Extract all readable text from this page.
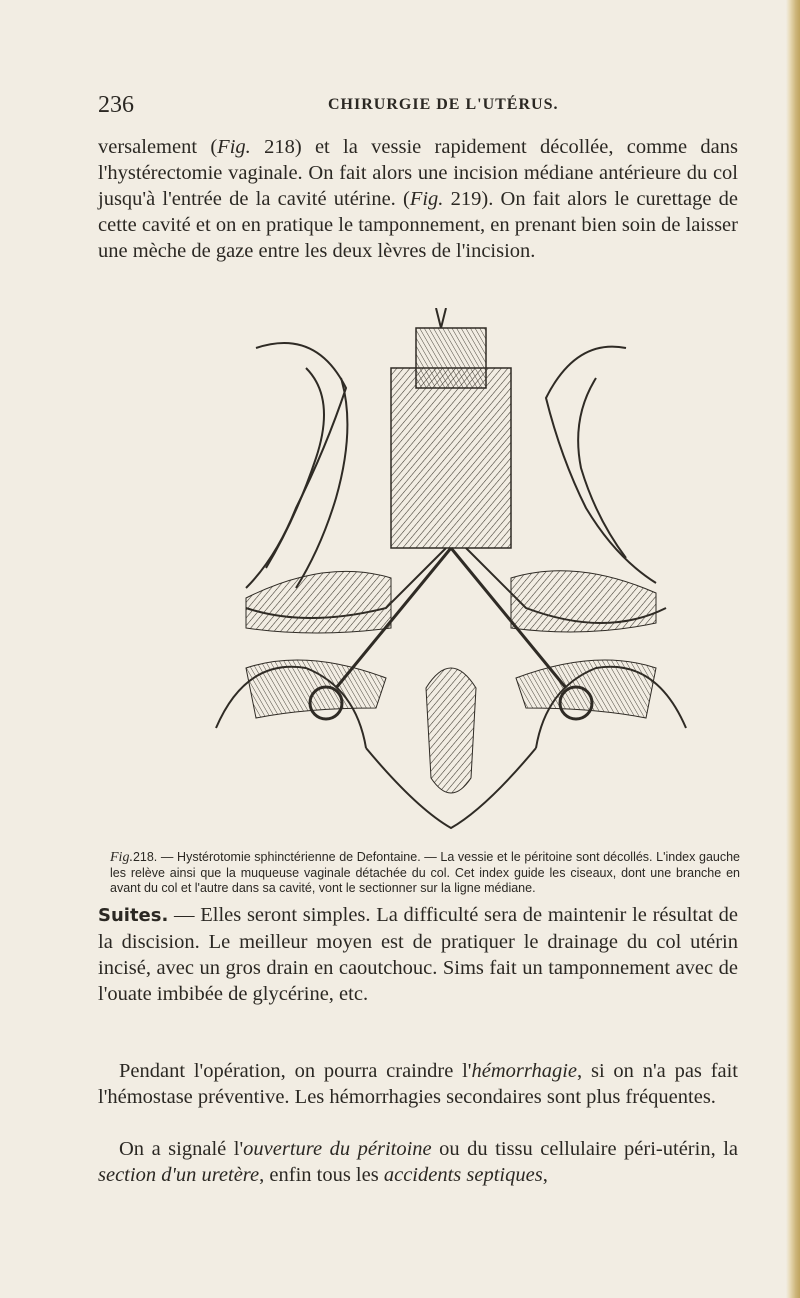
236	CHIRURGIE DE L'UTÉRUS.

versalement (Fig. 218) et la vessie rapidement décollée, comme dans l'hystérectomie vaginale. On fait alors une incision médiane antérieure du col jusqu'à l'entrée de la cavité utérine. (Fig. 219). On fait alors le curettage de cette cavité et on en pratique le tamponnement, en prenant bien soin de laisser une mèche de gaze entre les deux lèvres de l'incision.

Fig.218. — Hystérotomie sphinctérienne de Defontaine. — La vessie et le péritoine sont décollés. L'index gauche les relève ainsi que la muqueuse vaginale détachée du col. Cet index guide les ciseaux, dont une branche en avant du col et l'autre dans sa cavité, vont le sectionner sur la ligne médiane.

Suites. — Elles seront simples. La difficulté sera de maintenir le résultat de la discision. Le meilleur moyen est de pratiquer le drainage du col utérin incisé, avec un gros drain en caoutchouc. Sims fait un tamponnement avec de l'ouate imbibée de glycérine, etc.

Pendant l'opération, on pourra craindre l'hémorrhagie, si on n'a pas fait l'hémostase préventive. Les hémorrhagies secondaires sont plus fréquentes.

On a signalé l'ouverture du péritoine ou du tissu cellulaire péri-utérin, la section d'un uretère, enfin tous les accidents septiques,
